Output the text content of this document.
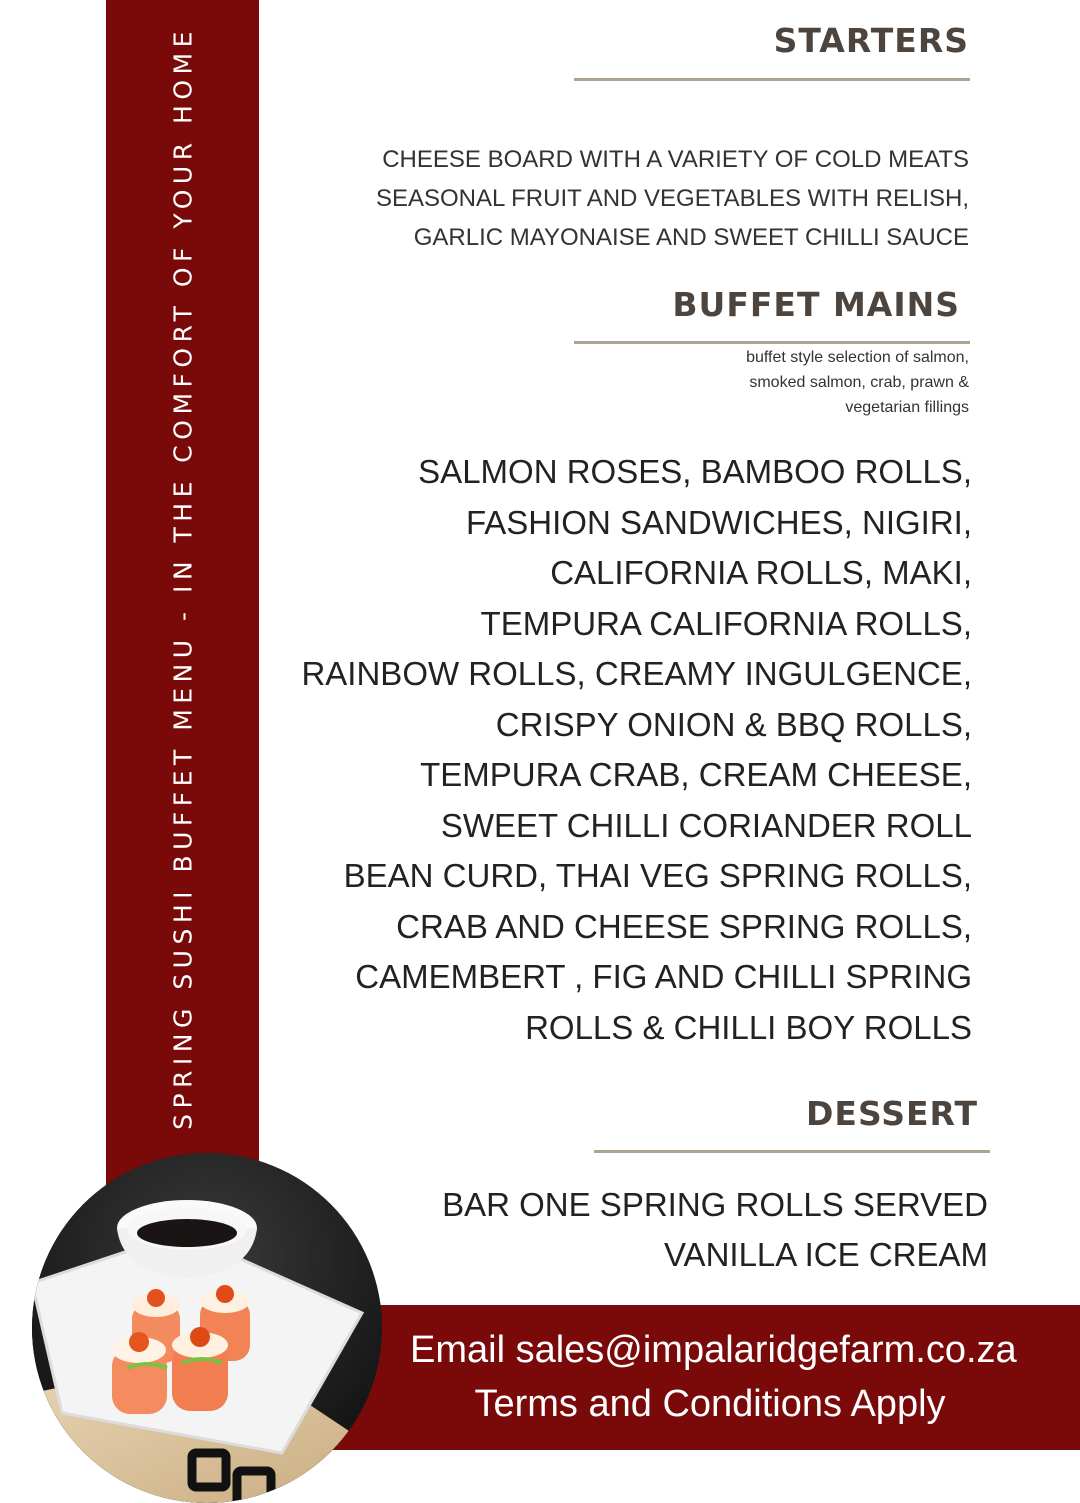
SPRING SUSHI BUFFET MENU - IN THE COMFORT OF YOUR HOME	STARTERS
CHEESE BOARD WITH A VARIETY OF COLD MEATS
SEASONAL FRUIT AND VEGETABLES WITH RELISH,
GARLIC MAYONAISE AND SWEET CHILLI SAUCE
BUFFET MAINS
buffet style selection of salmon,
smoked salmon, crab, prawn &
vegetarian fillings
SALMON ROSES, BAMBOO ROLLS,
FASHION SANDWICHES, NIGIRI,
CALIFORNIA ROLLS, MAKI,
TEMPURA CALIFORNIA ROLLS,
RAINBOW ROLLS, CREAMY INGULGENCE,
CRISPY ONION & BBQ ROLLS,
TEMPURA CRAB, CREAM CHEESE,
SWEET CHILLI CORIANDER ROLL
BEAN CURD, THAI VEG SPRING ROLLS,
CRAB AND CHEESE SPRING ROLLS,
CAMEMBERT , FIG AND CHILLI SPRING
ROLLS & CHILLI BOY ROLLS
DESSERT
BAR ONE SPRING ROLLS SERVED
VANILLA ICE CREAM
Email sales@impalaridgefarm.co.za
Terms and Conditions Apply
